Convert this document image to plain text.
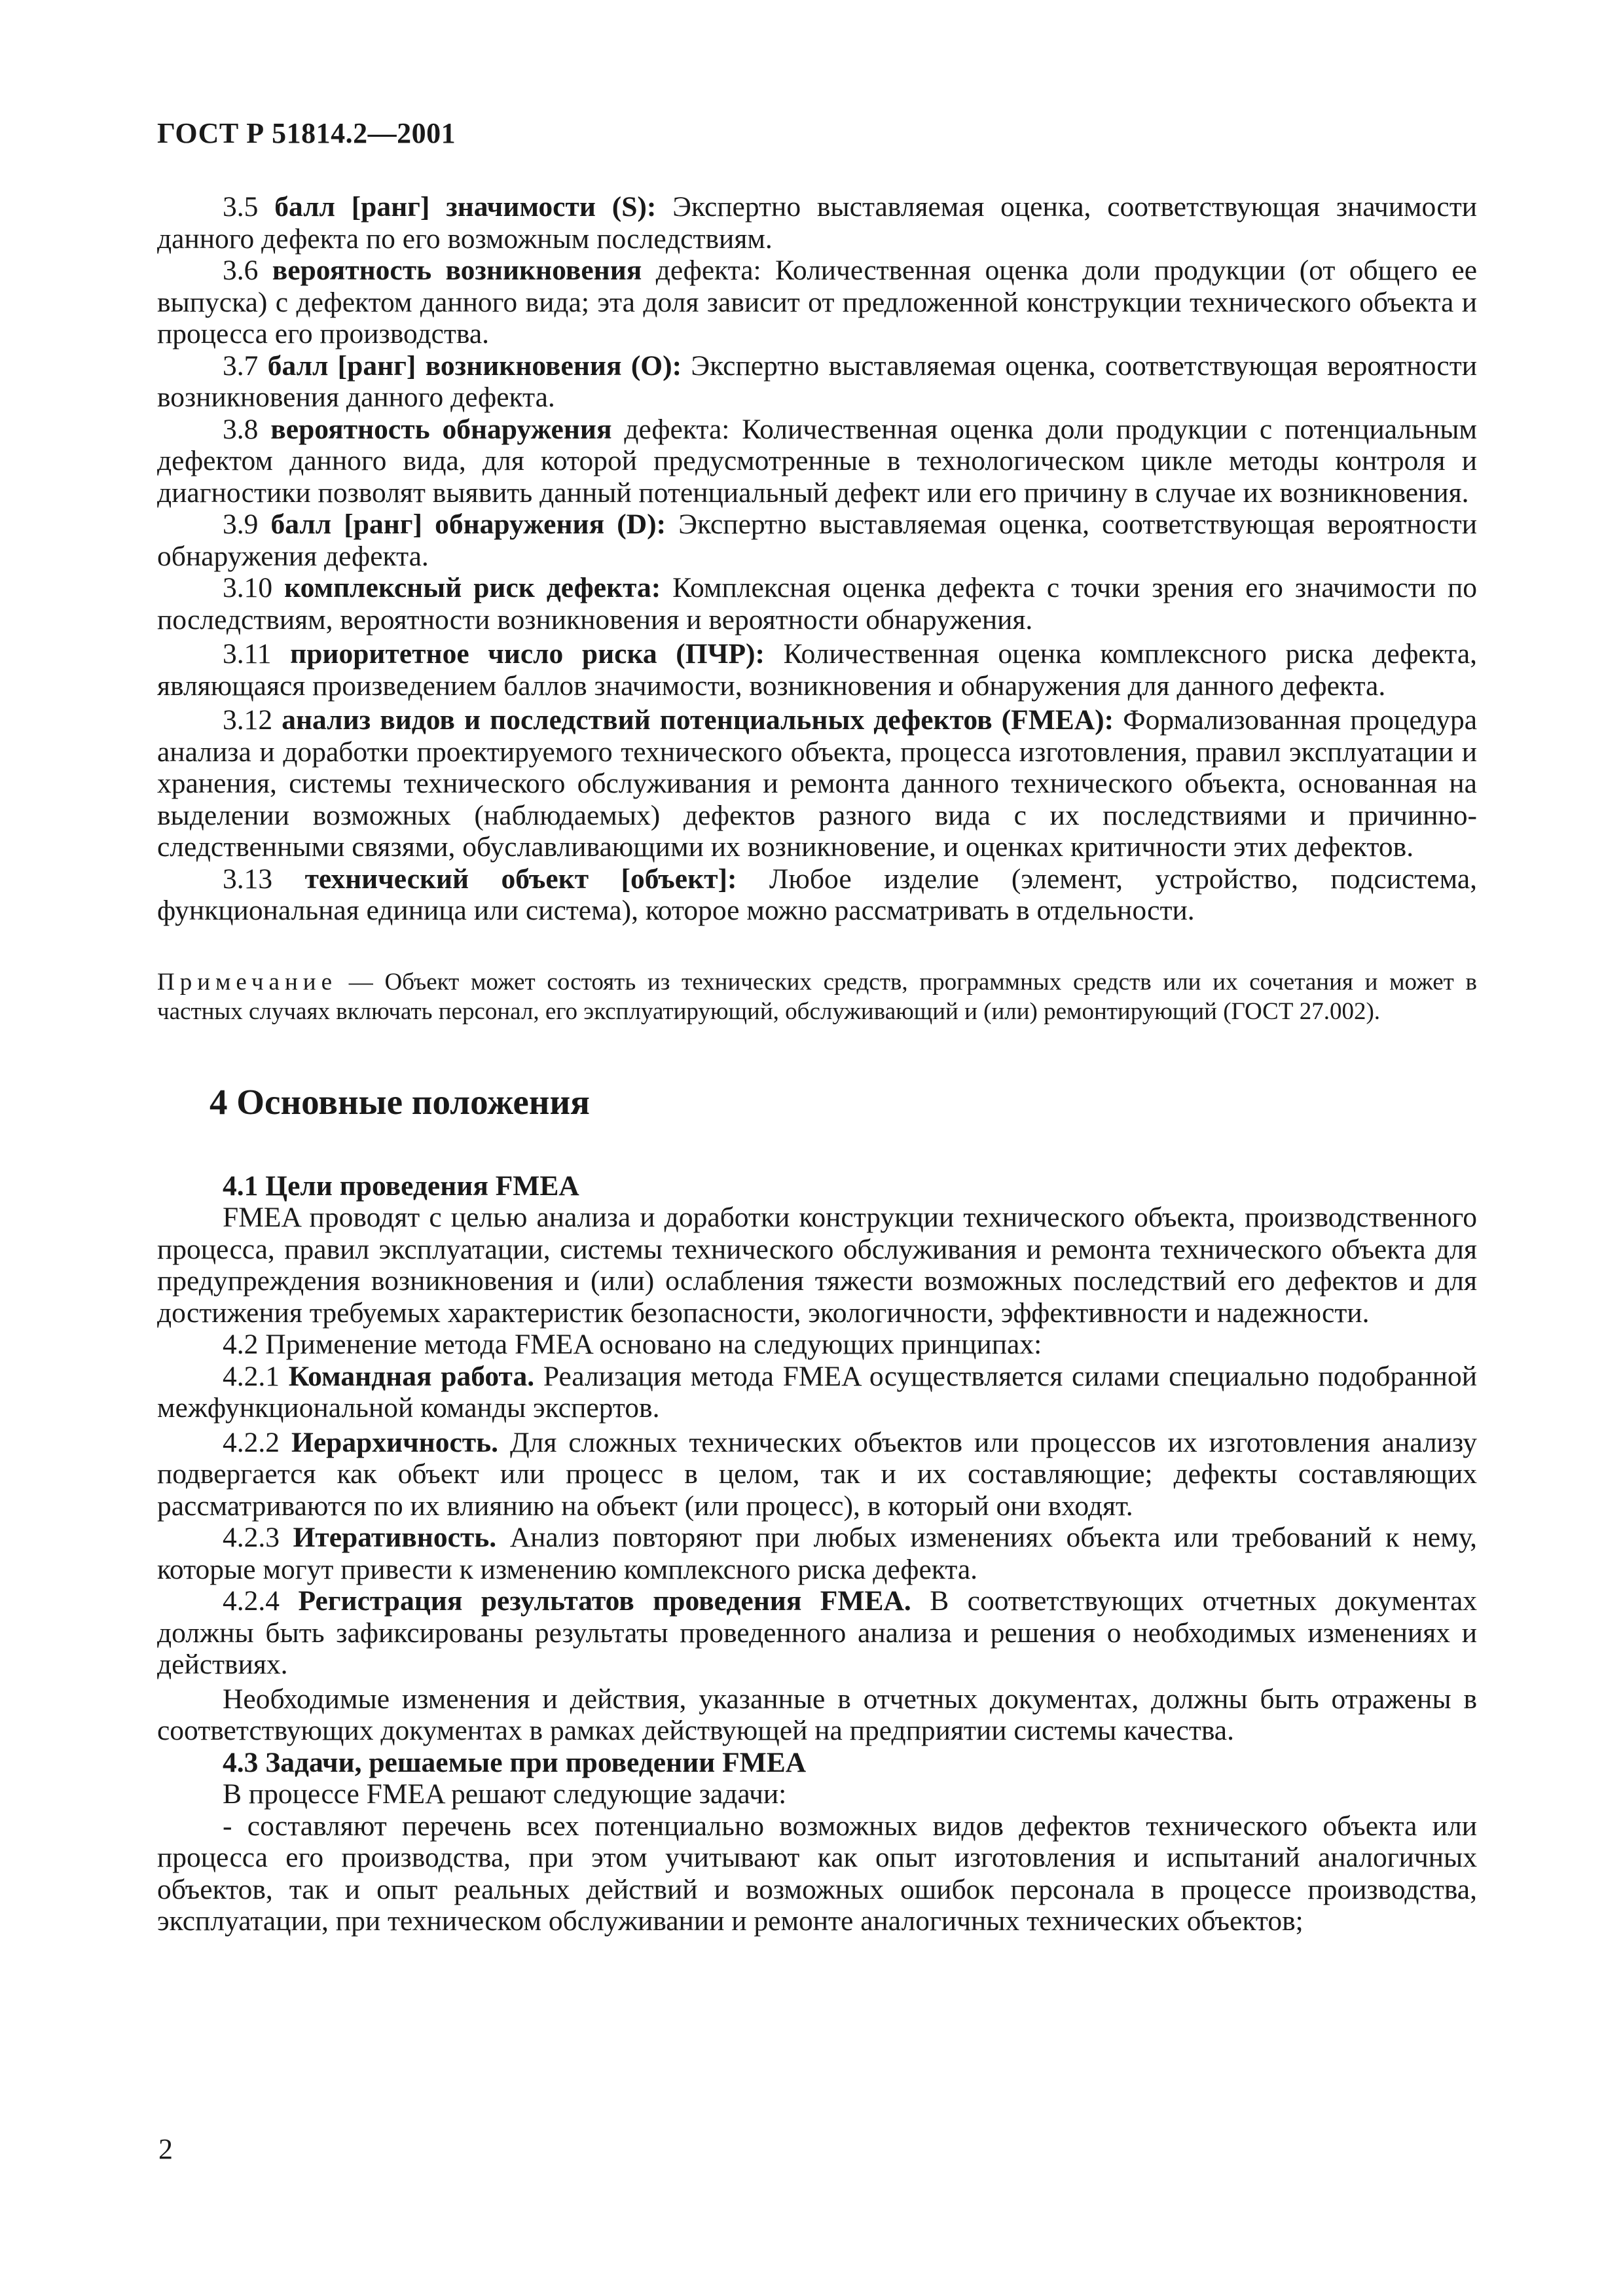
ГОСТ Р 51814.2—2001

3.5 балл [ранг] значимости (S): Экспертно выставляемая оценка, соответствующая значимости данного дефекта по его возможным последствиям.

3.6 вероятность возникновения дефекта: Количественная оценка доли продукции (от общего ее выпуска) с дефектом данного вида; эта доля зависит от предложенной конструкции технического объекта и процесса его производства.

3.7 балл [ранг] возникновения (О): Экспертно выставляемая оценка, соответствующая вероятности возникновения данного дефекта.

3.8 вероятность обнаружения дефекта: Количественная оценка доли продукции с потенциальным дефектом данного вида, для которой предусмотренные в технологическом цикле методы контроля и диагностики позволят выявить данный потенциальный дефект или его причину в случае их возникновения.

3.9 балл [ранг] обнаружения (D): Экспертно выставляемая оценка, соответствующая вероятности обнаружения дефекта.

3.10 комплексный риск дефекта: Комплексная оценка дефекта с точки зрения его значимости по последствиям, вероятности возникновения и вероятности обнаружения.

3.11 приоритетное число риска (ПЧР): Количественная оценка комплексного риска дефекта, являющаяся произведением баллов значимости, возникновения и обнаружения для данного дефекта.

3.12 анализ видов и последствий потенциальных дефектов (FMEA): Формализованная процедура анализа и доработки проектируемого технического объекта, процесса изготовления, правил эксплуатации и хранения, системы технического обслуживания и ремонта данного технического объекта, основанная на выделении возможных (наблюдаемых) дефектов разного вида с их последствиями и причинно-следственными связями, обуславливающими их возникновение, и оценках критичности этих дефектов.

3.13 технический объект [объект]: Любое изделие (элемент, устройство, подсистема, функциональная единица или система), которое можно рассматривать в отдельности.

Примечание — Объект может состоять из технических средств, программных средств или их сочетания и может в частных случаях включать персонал, его эксплуатирующий, обслуживающий и (или) ремонтирующий (ГОСТ 27.002).

4 Основные положения

4.1 Цели проведения FMEA

FMEA проводят с целью анализа и доработки конструкции технического объекта, производственного процесса, правил эксплуатации, системы технического обслуживания и ремонта технического объекта для предупреждения возникновения и (или) ослабления тяжести возможных последствий его дефектов и для достижения требуемых характеристик безопасности, экологичности, эффективности и надежности.

4.2 Применение метода FMEA основано на следующих принципах:

4.2.1 Командная работа. Реализация метода FMEA осуществляется силами специально подобранной межфункциональной команды экспертов.

4.2.2 Иерархичность. Для сложных технических объектов или процессов их изготовления анализу подвергается как объект или процесс в целом, так и их составляющие; дефекты составляющих рассматриваются по их влиянию на объект (или процесс), в который они входят.

4.2.3 Итеративность. Анализ повторяют при любых изменениях объекта или требований к нему, которые могут привести к изменению комплексного риска дефекта.

4.2.4 Регистрация результатов проведения FMEA. В соответствующих отчетных документах должны быть зафиксированы результаты проведенного анализа и решения о необходимых изменениях и действиях.

Необходимые изменения и действия, указанные в отчетных документах, должны быть отражены в соответствующих документах в рамках действующей на предприятии системы качества.

4.3 Задачи, решаемые при проведении FMEA

В процессе FMEA решают следующие задачи:

- составляют перечень всех потенциально возможных видов дефектов технического объекта или процесса его производства, при этом учитывают как опыт изготовления и испытаний аналогичных объектов, так и опыт реальных действий и возможных ошибок персонала в процессе производства, эксплуатации, при техническом обслуживании и ремонте аналогичных технических объектов;

2
